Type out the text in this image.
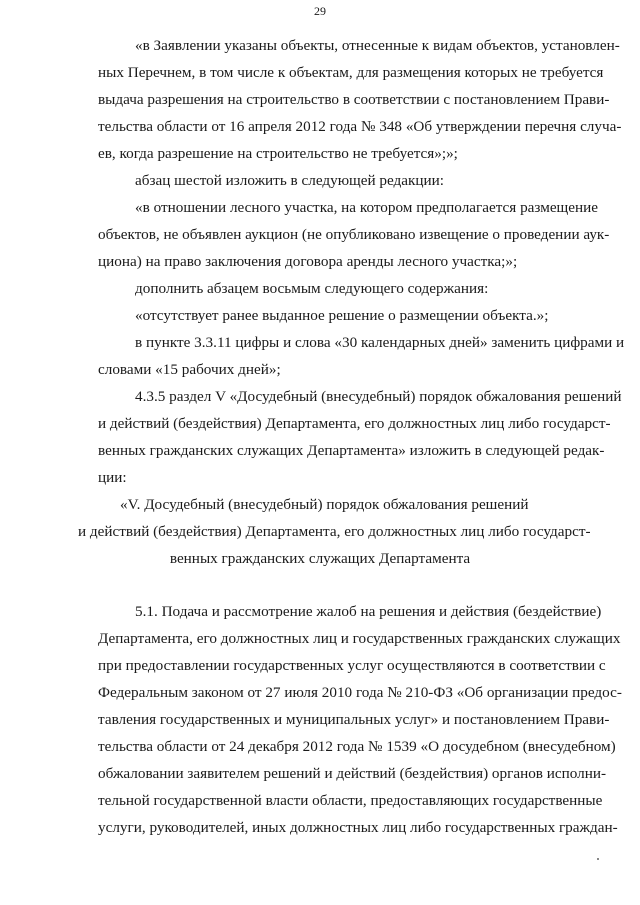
29
«в Заявлении указаны объекты, отнесенные к видам объектов, установлен-
ных Перечнем, в том числе к объектам, для размещения которых не требуется
выдача разрешения на строительство в соответствии с постановлением Прави-
тельства области от 16 апреля 2012 года № 348 «Об утверждении перечня случа-
ев, когда разрешение на строительство не требуется»;»;
абзац шестой изложить в следующей редакции:
«в отношении лесного участка, на котором предполагается размещение
объектов, не объявлен аукцион (не опубликовано извещение о проведении аук-
циона) на право заключения договора аренды лесного участка;»;
дополнить абзацем восьмым следующего содержания:
«отсутствует ранее выданное решение о размещении объекта.»;
в пункте 3.3.11 цифры и слова «30 календарных дней» заменить цифрами и
словами «15 рабочих дней»;
4.3.5 раздел V «Досудебный (внесудебный) порядок обжалования решений
и действий (бездействия) Департамента, его должностных лиц либо государст-
венных гражданских служащих Департамента» изложить в следующей редак-
ции:
«V. Досудебный (внесудебный) порядок обжалования решений
и действий (бездействия) Департамента, его должностных лиц либо государст-
венных гражданских служащих Департамента
5.1. Подача и рассмотрение жалоб на решения и действия (бездействие)
Департамента, его должностных лиц и государственных гражданских служащих
при предоставлении государственных услуг осуществляются в соответствии с
Федеральным законом от 27 июля 2010 года № 210-ФЗ «Об организации предос-
тавления государственных и муниципальных услуг» и постановлением Прави-
тельства области от 24 декабря 2012 года № 1539 «О досудебном (внесудебном)
обжаловании заявителем решений и действий (бездействия) органов исполни-
тельной государственной власти области, предоставляющих государственные
услуги, руководителей, иных должностных лиц либо государственных граждан-
